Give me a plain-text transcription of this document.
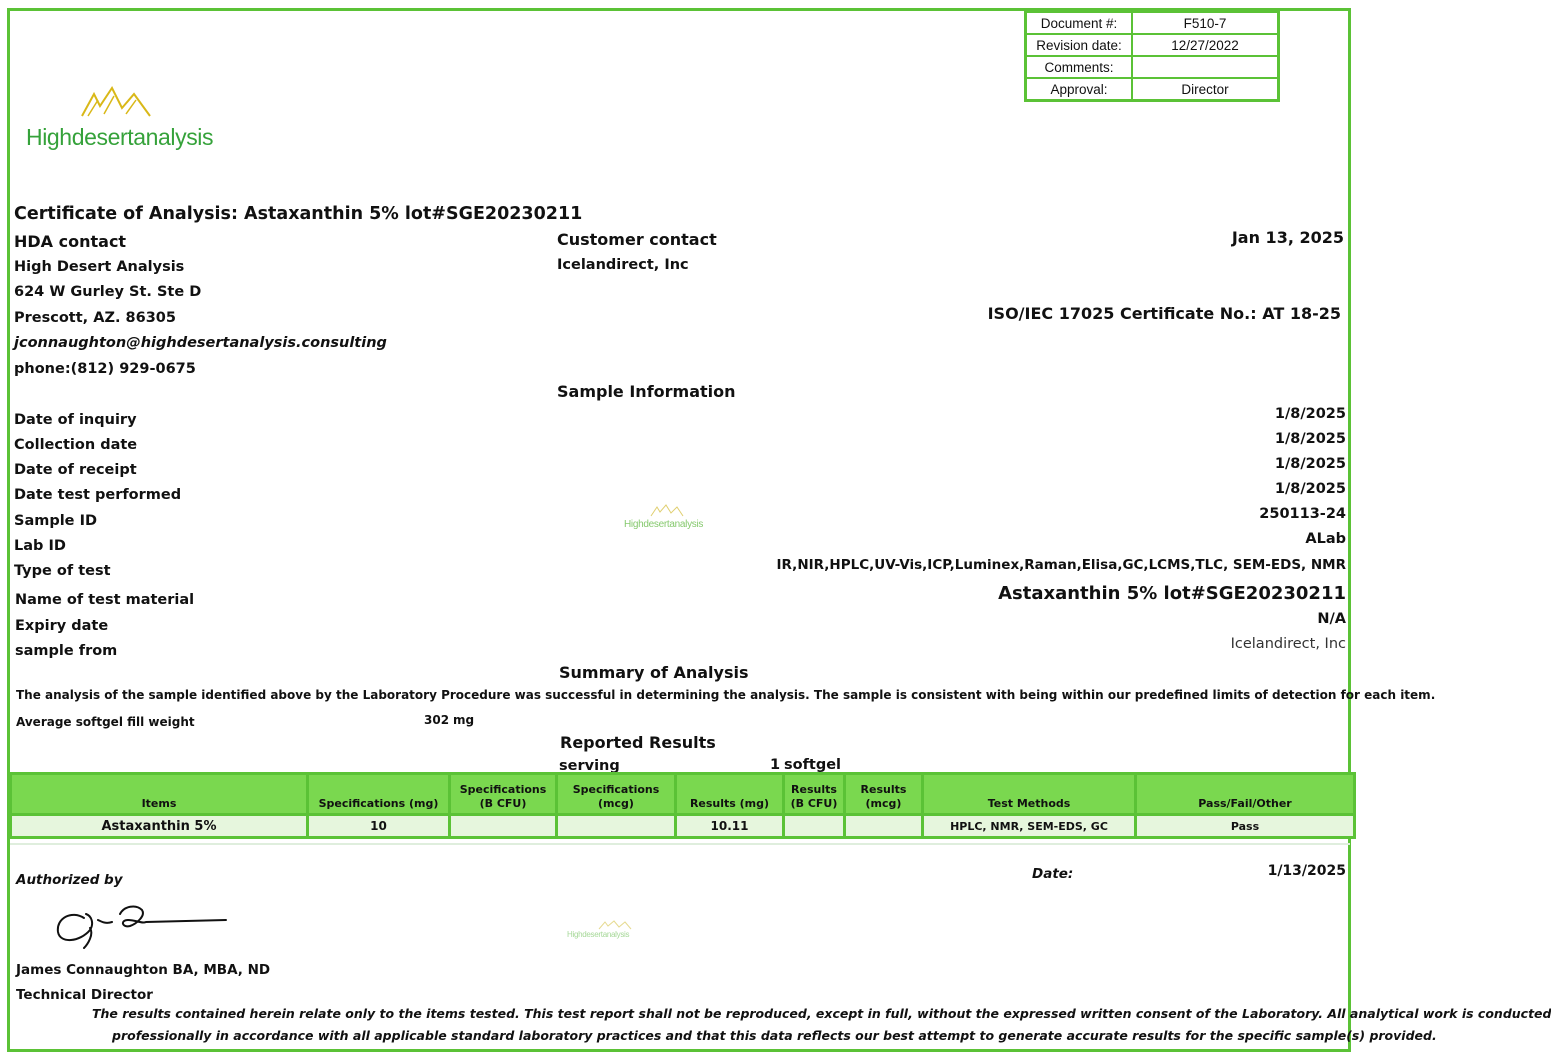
Document #:	F510-7
Revision date:	12/27/2022
Comments:	
Approval:	Director
Highdesertanalysis
Certificate of Analysis: Astaxanthin 5% lot#SGE20230211
HDA contact
High Desert Analysis
624 W Gurley St. Ste D
Prescott, AZ. 86305
jconnaughton@highdesertanalysis.consulting
phone:(812) 929-0675
Customer contact
Icelandirect, Inc
Jan 13, 2025
ISO/IEC 17025 Certificate No.: AT 18-25
Sample Information
Date of inquiry	1/8/2025
Collection date	1/8/2025
Date of receipt	1/8/2025
Date test performed	1/8/2025
Sample ID	250113-24
Lab ID	ALab
Type of test	IR,NIR,HPLC,UV-Vis,ICP,Luminex,Raman,Elisa,GC,LCMS,TLC, SEM-EDS, NMR
Name of test material	Astaxanthin 5% lot#SGE20230211
Expiry date	N/A
sample from	Icelandirect, Inc
Highdesertanalysis
Highdesertanalysis
Summary of Analysis
The analysis of the sample identified above by the Laboratory Procedure was successful in determining the analysis. The sample is consistent with being within our predefined limits of detection for each item.
Average softgel fill weight	302 mg
Reported Results
serving	1 softgel
Items	Specifications (mg)	Specifications (B CFU)	Specifications (mcg)	Results (mg)	Results (B CFU)	Results (mcg)	Test Methods	Pass/Fail/Other
Astaxanthin 5%	10			10.11			HPLC, NMR, SEM-EDS, GC	Pass
Authorized by	Date:	1/13/2025
James Connaughton BA, MBA, ND
Technical Director
The results contained herein relate only to the items tested. This test report shall not be reproduced, except in full, without the expressed written consent of the Laboratory. All analytical work is conducted
professionally in accordance with all applicable standard laboratory practices and that this data reflects our best attempt to generate accurate results for the specific sample(s) provided.
